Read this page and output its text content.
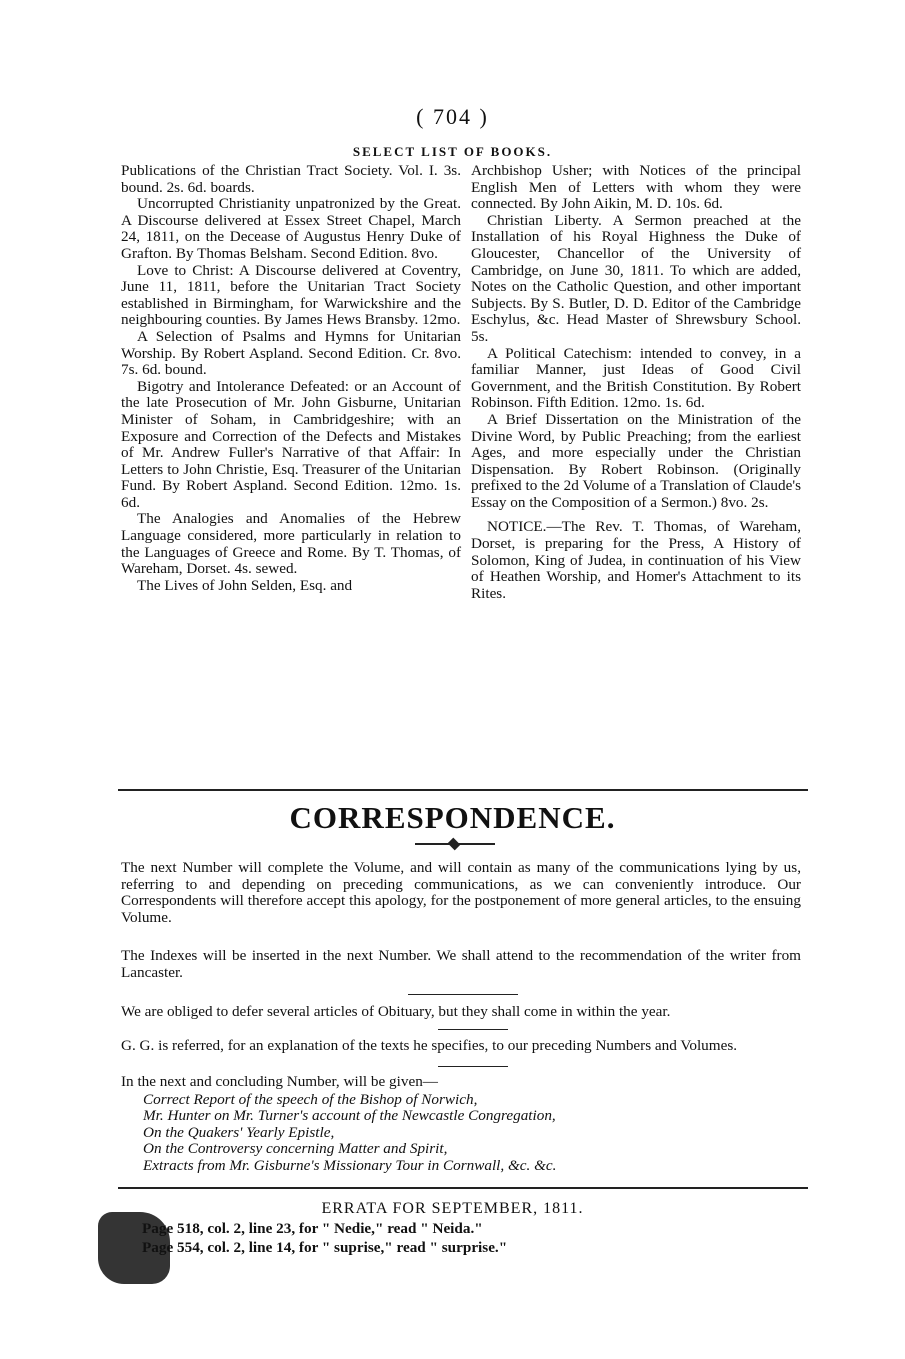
( 704 )
SELECT LIST OF BOOKS.

Publications of the Christian Tract Society. Vol. I. 3s. bound. 2s. 6d. boards.

Uncorrupted Christianity unpatronized by the Great. A Discourse delivered at Essex Street Chapel, March 24, 1811, on the Decease of Augustus Henry Duke of Grafton. By Thomas Belsham. Second Edition. 8vo.

Love to Christ: A Discourse delivered at Coventry, June 11, 1811, before the Unitarian Tract Society established in Birmingham, for Warwickshire and the neighbouring counties. By James Hews Bransby. 12mo.

A Selection of Psalms and Hymns for Unitarian Worship. By Robert Aspland. Second Edition. Cr. 8vo. 7s. 6d. bound.

Bigotry and Intolerance Defeated: or an Account of the late Prosecution of Mr. John Gisburne, Unitarian Minister of Soham, in Cambridgeshire; with an Exposure and Correction of the Defects and Mistakes of Mr. Andrew Fuller's Narrative of that Affair: In Letters to John Christie, Esq. Treasurer of the Unitarian Fund. By Robert Aspland. Second Edition. 12mo. 1s. 6d.

The Analogies and Anomalies of the Hebrew Language considered, more particularly in relation to the Languages of Greece and Rome. By T. Thomas, of Wareham, Dorset. 4s. sewed.

The Lives of John Selden, Esq. and

Archbishop Usher; with Notices of the principal English Men of Letters with whom they were connected. By John Aikin, M. D. 10s. 6d.

Christian Liberty. A Sermon preached at the Installation of his Royal Highness the Duke of Gloucester, Chancellor of the University of Cambridge, on June 30, 1811. To which are added, Notes on the Catholic Question, and other important Subjects. By S. Butler, D. D. Editor of the Cambridge Eschylus, &c. Head Master of Shrewsbury School. 5s.

A Political Catechism: intended to convey, in a familiar Manner, just Ideas of Good Civil Government, and the British Constitution. By Robert Robinson. Fifth Edition. 12mo. 1s. 6d.

A Brief Dissertation on the Ministration of the Divine Word, by Public Preaching; from the earliest Ages, and more especially under the Christian Dispensation. By Robert Robinson. (Originally prefixed to the 2d Volume of a Translation of Claude's Essay on the Composition of a Sermon.) 8vo. 2s.

NOTICE.—The Rev. T. Thomas, of Wareham, Dorset, is preparing for the Press, A History of Solomon, King of Judea, in continuation of his View of Heathen Worship, and Homer's Attachment to its Rites.

CORRESPONDENCE.
The next Number will complete the Volume, and will contain as many of the communications lying by us, referring to and depending on preceding communications, as we can conveniently introduce. Our Correspondents will therefore accept this apology, for the postponement of more general articles, to the ensuing Volume.
The Indexes will be inserted in the next Number. We shall attend to the recommendation of the writer from Lancaster.
We are obliged to defer several articles of Obituary, but they shall come in within the year.
G. G. is referred, for an explanation of the texts he specifies, to our preceding Numbers and Volumes.
In the next and concluding Number, will be given—
Correct Report of the speech of the Bishop of Norwich,
Mr. Hunter on Mr. Turner's account of the Newcastle Congregation,
On the Quakers' Yearly Epistle,
On the Controversy concerning Matter and Spirit,
Extracts from Mr. Gisburne's Missionary Tour in Cornwall, &c. &c.
ERRATA FOR SEPTEMBER, 1811.
Page 518, col. 2, line 23, for " Nedie," read " Neida."
Page 554, col. 2, line 14, for " suprise," read " surprise."
